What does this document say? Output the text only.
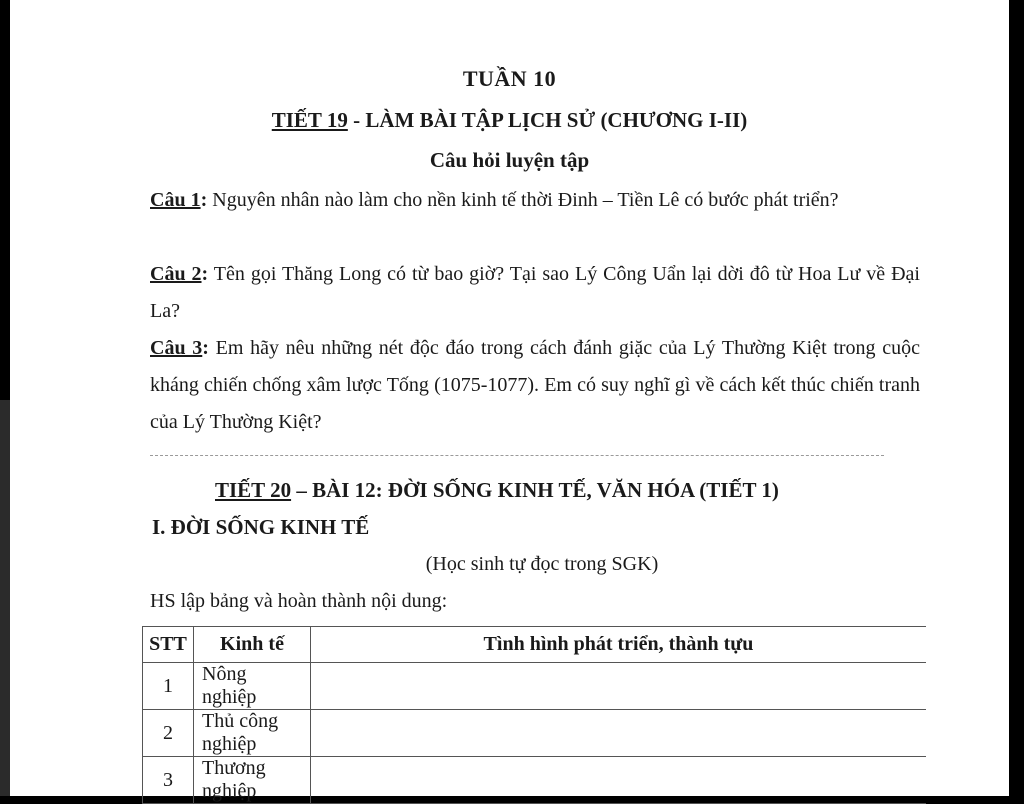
TUẦN 10
TIẾT 19 - LÀM BÀI TẬP LỊCH SỬ (CHƯƠNG I-II)
Câu hỏi luyện tập
Câu 1: Nguyên nhân nào làm cho nền kinh tế thời Đinh – Tiền Lê có bước phát triển?
Câu 2: Tên gọi Thăng Long có từ bao giờ? Tại sao Lý Công Uẩn lại dời đô từ Hoa Lư về Đại La?
Câu 3: Em hãy nêu những nét độc đáo trong cách đánh giặc của Lý Thường Kiệt trong cuộc kháng chiến chống xâm lược Tống (1075-1077). Em có suy nghĩ gì về cách kết thúc chiến tranh của Lý Thường Kiệt?
TIẾT 20 – BÀI 12: ĐỜI SỐNG KINH TẾ, VĂN HÓA (TIẾT 1)
I. ĐỜI SỐNG KINH TẾ
(Học sinh tự đọc trong SGK)
HS lập bảng và hoàn thành nội dung:
STT	Kinh tế	Tình hình phát triển, thành tựu
1	Nông nghiệp	
2	Thủ công nghiệp	
3	Thương nghiệp	
